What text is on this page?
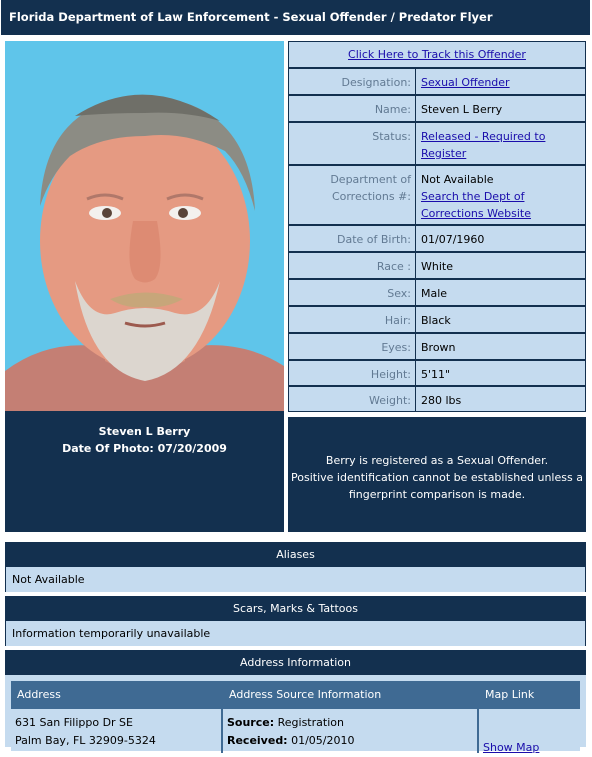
Florida Department of Law Enforcement - Sexual Offender / Predator Flyer
Steven L Berry
Date Of Photo: 07/20/2009
Click Here to Track this Offender
Designation: Sexual Offender
Name: Steven L Berry
Status: Released - Required to
Register
Department of
Corrections #:
Not Available
Search the Dept of
Corrections Website
Date of Birth: 01/07/1960
Race : White
Sex: Male
Hair: Black
Eyes: Brown
Height: 5'11"
Weight: 280 lbs
Berry is registered as a Sexual Offender.
Positive identification cannot be established unless a
fingerprint comparison is made.
Aliases
Not Available
Scars, Marks & Tattoos
Information temporarily unavailable
Address Information
Address	Address Source Information	Map Link
631 San Filippo Dr SE
Palm Bay, FL 32909-5324
Source: Registration
Received: 01/05/2010
Show Map
